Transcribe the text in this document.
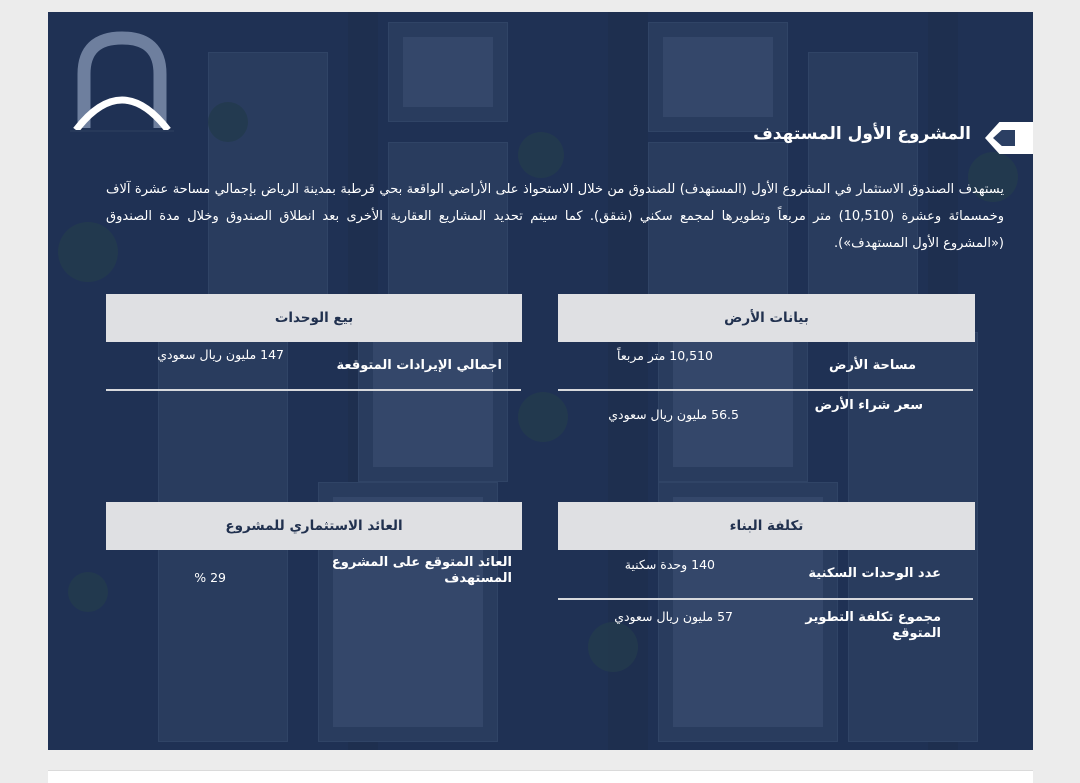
المشروع الأول المستهدف
يستهدف الصندوق الاستثمار في المشروع الأول (المستهدف) للصندوق من خلال الاستحواذ على الأراضي الواقعة بحي قرطبة بمدينة الرياض بإجمالي مساحة عشرة آلاف وخمسمائة وعشرة (10,510) متر مربعاً وتطويرها لمجمع سكني (شقق). كما سيتم تحديد المشاريع العقارية الأخرى بعد انطلاق الصندوق وخلال مدة الصندوق («المشروع الأول المستهدف»).
بيانات الأرض
مساحة الأرض
10,510 متر مربعاً
سعر شراء الأرض
56.5 مليون ريال سعودي
بيع الوحدات
اجمالي الإيرادات المتوقعة
147 مليون ريال سعودي
تكلفة البناء
عدد الوحدات السكنية
140 وحدة سكنية
مجموع تكلفة التطوير المتوقع
57 مليون ريال سعودي
العائد الاستثماري للمشروع
العائد المتوقع على المشروع المستهدف
29 %
